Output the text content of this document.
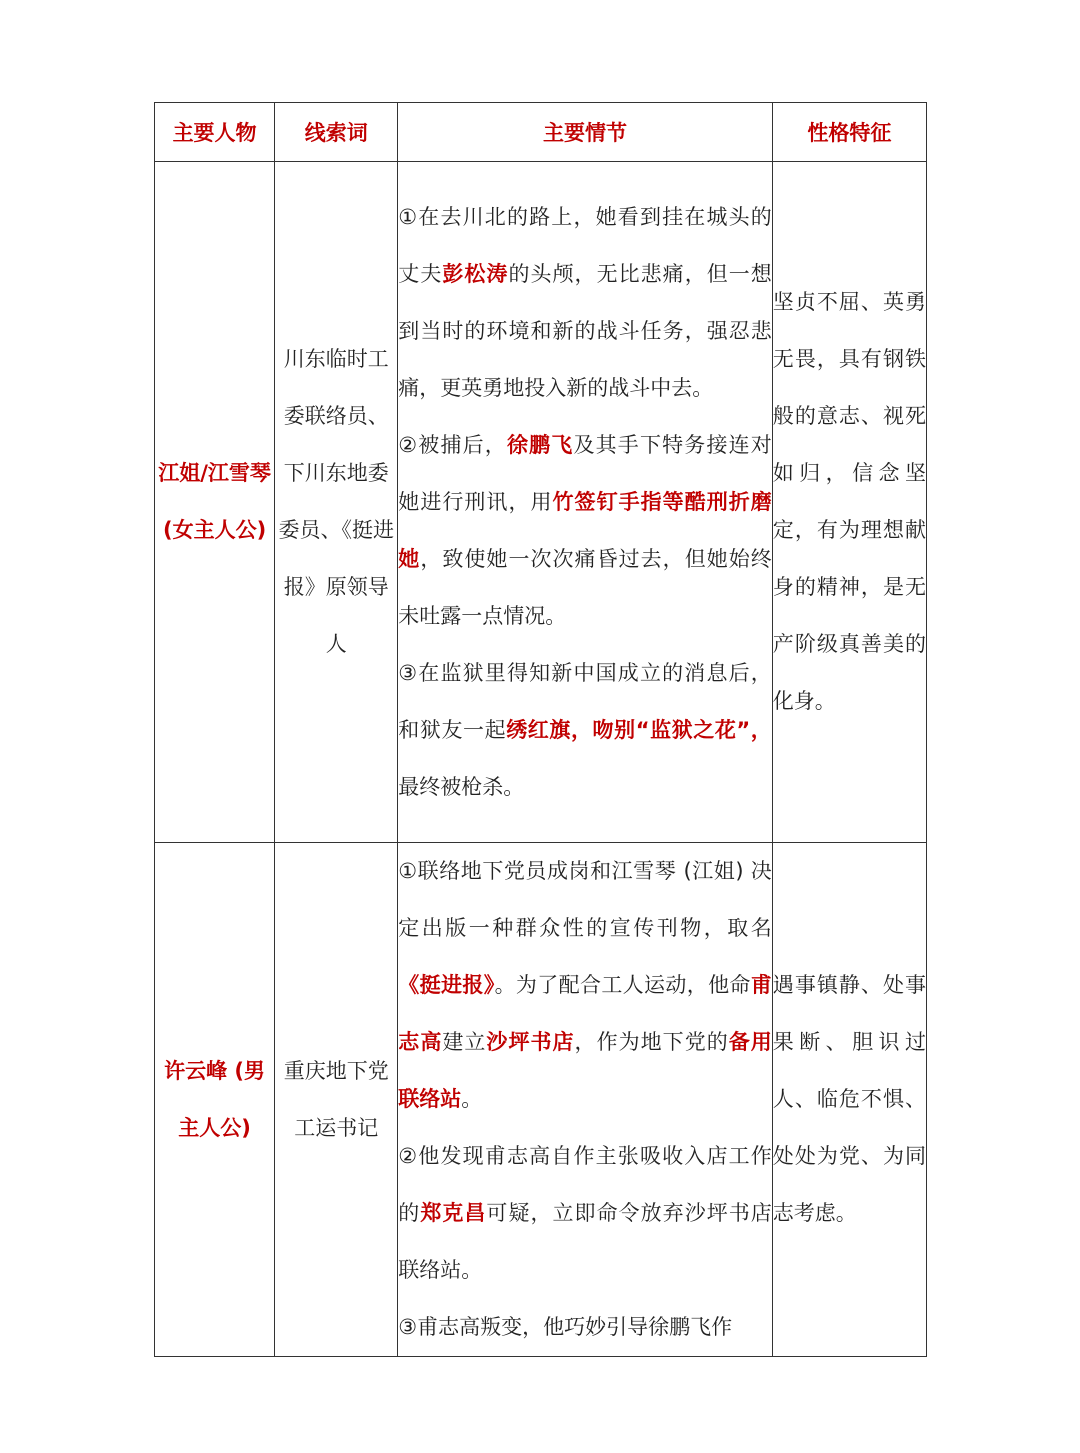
主要人物	线索词	主要情节	性格特征
江姐/江雪琴 (女主人公)	川东临时工委联络员、下川东地委委员、《挺进报》原领导人	①在去川北的路上，她看到挂在城头的丈夫彭松涛的头颅，无比悲痛，但一想到当时的环境和新的战斗任务，强忍悲痛，更英勇地投入新的战斗中去。
②被捕后，徐鹏飞及其手下特务接连对她进行刑讯，用竹签钉手指等酷刑折磨她，致使她一次次痛昏过去，但她始终未吐露一点情况。
③在监狱里得知新中国成立的消息后，和狱友一起绣红旗，吻别“监狱之花”，最终被枪杀。	坚贞不屈、英勇无畏，具有钢铁般的意志、视死如归，信念坚定，有为理想献身的精神，是无产阶级真善美的化身。
许云峰 (男主人公)	重庆地下党工运书记	①联络地下党员成岗和江雪琴 (江姐) 决定出版一种群众性的宣传刊物，取名《挺进报》。为了配合工人运动，他命甫志高建立沙坪书店，作为地下党的备用联络站。
②他发现甫志高自作主张吸收入店工作的郑克昌可疑，立即命令放弃沙坪书店联络站。
③甫志高叛变，他巧妙引导徐鹏飞作	遇事镇静、处事果断、胆识过人、临危不惧、处处为党、为同志考虑。
